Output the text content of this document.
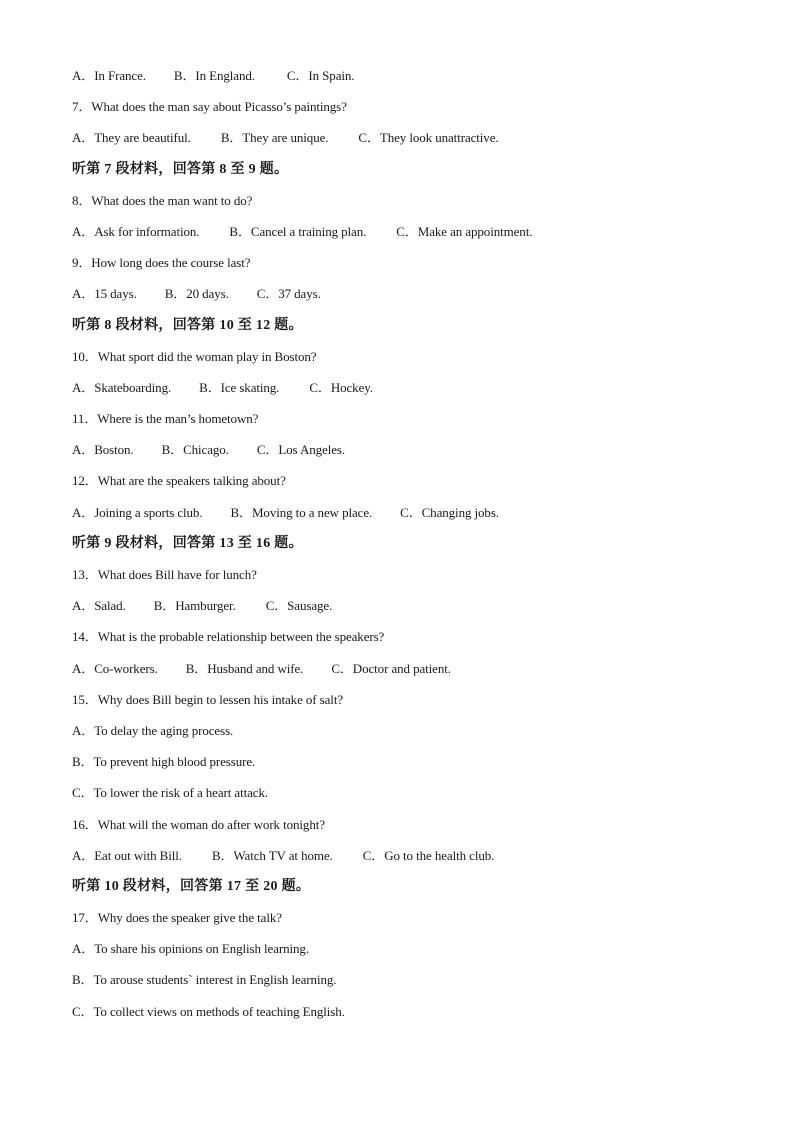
A．In France. B．In England. C．In Spain.
7．What does the man say about Picasso’s paintings?
A．They are beautiful. B．They are unique. C．They look unattractive.
听第 7 段材料，回答第 8 至 9 题。
8．What does the man want to do?
A．Ask for information. B．Cancel a training plan. C．Make an appointment.
9．How long does the course last?
A．15 days. B．20 days. C．37 days.
听第 8 段材料，回答第 10 至 12 题。
10．What sport did the woman play in Boston?
A．Skateboarding. B．Ice skating. C．Hockey.
11．Where is the man’s hometown?
A．Boston. B．Chicago. C．Los Angeles.
12．What are the speakers talking about?
A．Joining a sports club. B．Moving to a new place. C．Changing jobs.
听第 9 段材料，回答第 13 至 16 题。
13．What does Bill have for lunch?
A．Salad. B．Hamburger. C．Sausage.
14．What is the probable relationship between the speakers?
A．Co-workers. B．Husband and wife. C．Doctor and patient.
15．Why does Bill begin to lessen his intake of salt?
A．To delay the aging process.
B．To prevent high blood pressure.
C．To lower the risk of a heart attack.
16．What will the woman do after work tonight?
A．Eat out with Bill. B．Watch TV at home. C．Go to the health club.
听第 10 段材料，回答第 17 至 20 题。
17．Why does the speaker give the talk?
A．To share his opinions on English learning.
B．To arouse students` interest in English learning.
C．To collect views on methods of teaching English.
